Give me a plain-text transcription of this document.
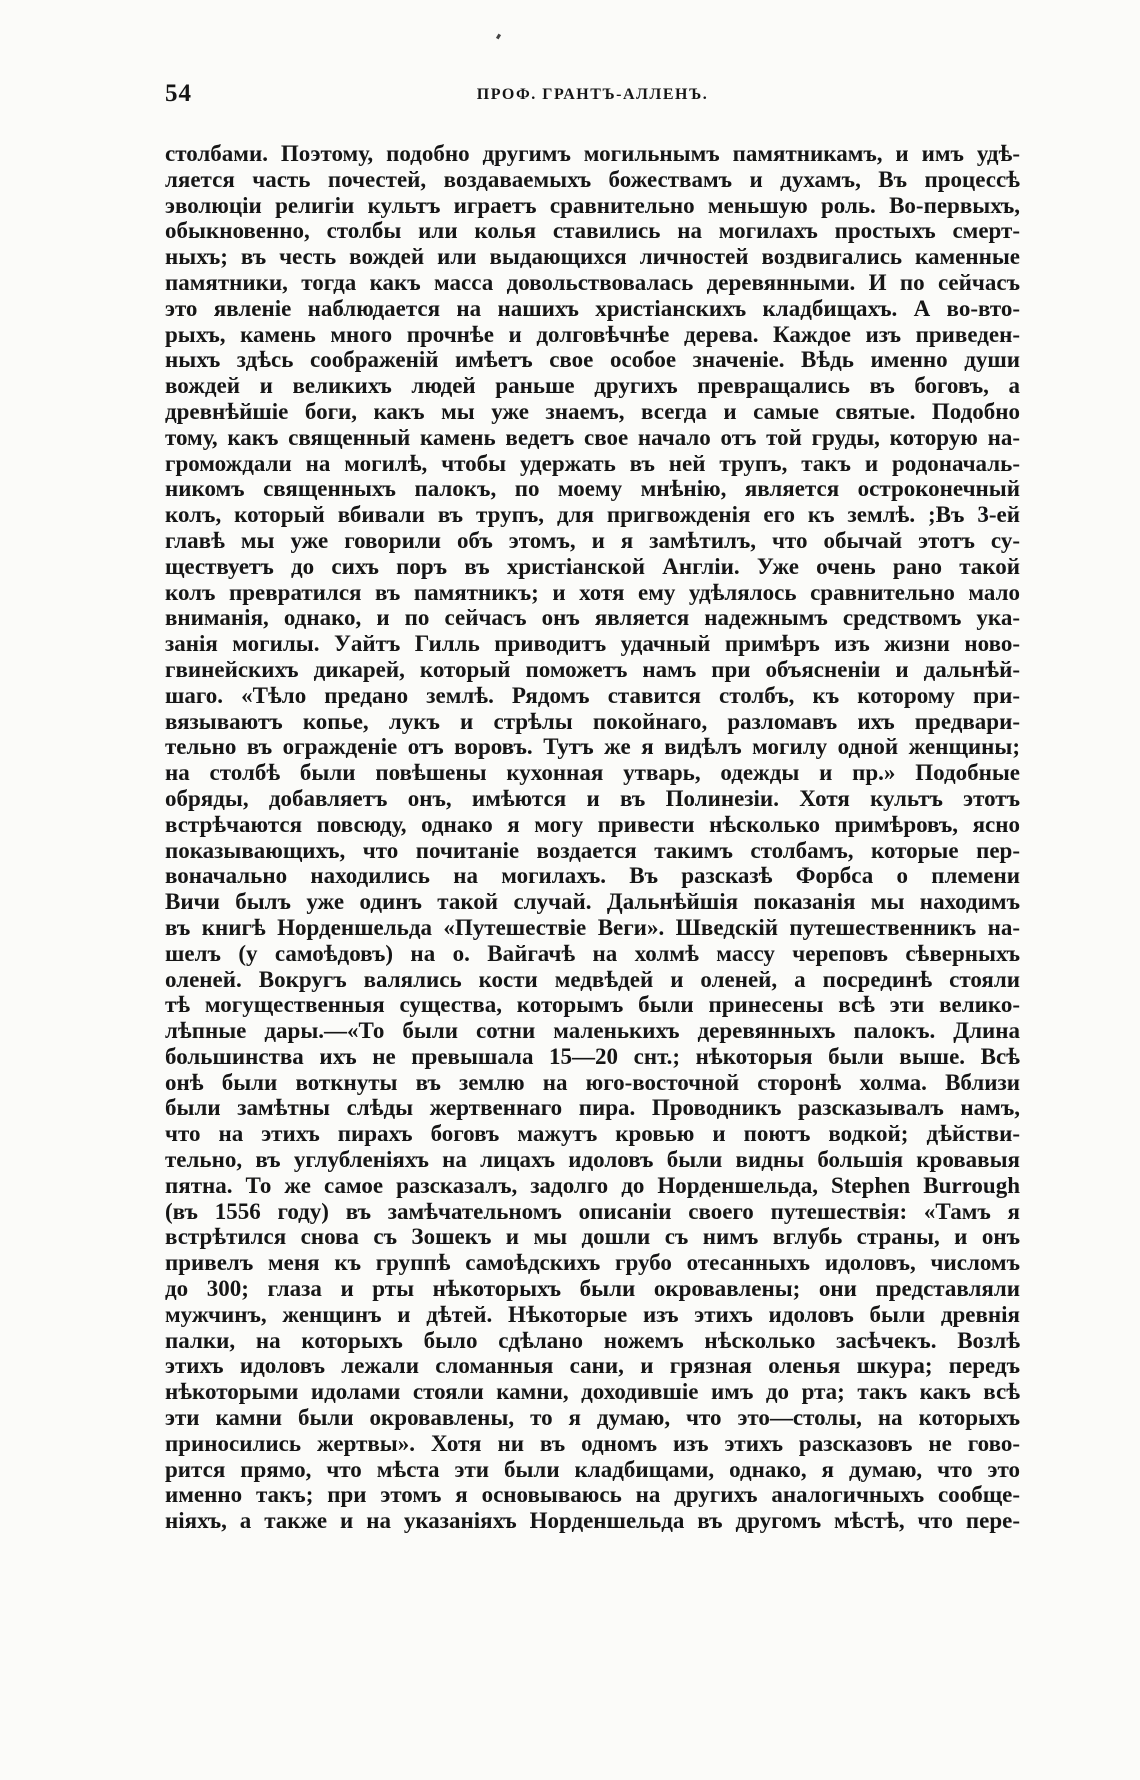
54	ПРОФ. ГРАНТЪ-АЛЛЕНЪ.
столбами. Поэтому, подобно другимъ могильнымъ памятникамъ, и имъ удѣ-
ляется часть почестей, воздаваемыхъ божествамъ и духамъ, Въ процессѣ
эволюціи религіи культъ играетъ сравнительно меньшую роль. Во-первыхъ,
обыкновенно, столбы или колья ставились на могилахъ простыхъ смерт-
ныхъ; въ честь вождей или выдающихся личностей воздвигались каменные
памятники, тогда какъ масса довольствовалась деревянными. И по сейчасъ
это явленіе наблюдается на нашихъ христіанскихъ кладбищахъ. А во-вто-
рыхъ, камень много прочнѣе и долговѣчнѣе дерева. Каждое изъ приведен-
ныхъ здѣсь соображеній имѣетъ свое особое значеніе. Вѣдь именно души
вождей и великихъ людей раньше другихъ превращались въ боговъ, а
древнѣйшіе боги, какъ мы уже знаемъ, всегда и самые святые. Подобно
тому, какъ священный камень ведетъ свое начало отъ той груды, которую на-
громождали на могилѣ, чтобы удержать въ ней трупъ, такъ и родоначаль-
никомъ священныхъ палокъ, по моему мнѣнію, является остроконечный
колъ, который вбивали въ трупъ, для пригвожденія его къ землѣ. ;Въ 3-ей
главѣ мы уже говорили объ этомъ, и я замѣтилъ, что обычай этотъ су-
ществуетъ до сихъ поръ въ христіанской Англіи. Уже очень рано такой
колъ превратился въ памятникъ; и хотя ему удѣлялось сравнительно мало
вниманія, однако, и по сейчасъ онъ является надежнымъ средствомъ ука-
занія могилы. Уайтъ Гилль приводитъ удачный примѣръ изъ жизни ново-
гвинейскихъ дикарей, который поможетъ намъ при объясненіи и дальнѣй-
шаго. «Тѣло предано землѣ. Рядомъ ставится столбъ, къ которому при-
вязываютъ копье, лукъ и стрѣлы покойнаго, разломавъ ихъ предвари-
тельно въ огражденіе отъ воровъ. Тутъ же я видѣлъ могилу одной женщины;
на столбѣ были повѣшены кухонная утварь, одежды и пр.» Подобные
обряды, добавляетъ онъ, имѣются и въ Полинезіи. Хотя культъ этотъ
встрѣчаются повсюду, однако я могу привести нѣсколько примѣровъ, ясно
показывающихъ, что почитаніе воздается такимъ столбамъ, которые пер-
воначально находились на могилахъ. Въ разсказѣ Форбса о племени
Вичи былъ уже одинъ такой случай. Дальнѣйшія показанія мы находимъ
въ книгѣ Норденшельда «Путешествіе Веги». Шведскій путешественникъ на-
шелъ (у самоѣдовъ) на о. Вайгачѣ на холмѣ массу череповъ сѣверныхъ
оленей. Вокругъ валялись кости медвѣдей и оленей, а посрединѣ стояли
тѣ могущественныя существа, которымъ были принесены всѣ эти велико-
лѣпные дары.—«То были сотни маленькихъ деревянныхъ палокъ. Длина
большинства ихъ не превышала 15—20 снт.; нѣкоторыя были выше. Всѣ
онѣ были воткнуты въ землю на юго-восточной сторонѣ холма. Вблизи
были замѣтны слѣды жертвеннаго пира. Проводникъ разсказывалъ намъ,
что на этихъ пирахъ боговъ мажутъ кровью и поютъ водкой; дѣйстви-
тельно, въ углубленіяхъ на лицахъ идоловъ были видны большія кровавыя
пятна. То же самое разсказалъ, задолго до Норденшельда, Stephen Burrough
(въ 1556 году) въ замѣчательномъ описаніи своего путешествія: «Тамъ я
встрѣтился снова съ Зошекъ и мы дошли съ нимъ вглубь страны, и онъ
привелъ меня къ группѣ самоѣдскихъ грубо отесанныхъ идоловъ, числомъ
до 300; глаза и рты нѣкоторыхъ были окровавлены; они представляли
мужчинъ, женщинъ и дѣтей. Нѣкоторые изъ этихъ идоловъ были древнія
палки, на которыхъ было сдѣлано ножемъ нѣсколько засѣчекъ. Возлѣ
этихъ идоловъ лежали сломанныя сани, и грязная оленья шкура; передъ
нѣкоторыми идолами стояли камни, доходившіе имъ до рта; такъ какъ всѣ
эти камни были окровавлены, то я думаю, что это—столы, на которыхъ
приносились жертвы». Хотя ни въ одномъ изъ этихъ разсказовъ не гово-
рится прямо, что мѣста эти были кладбищами, однако, я думаю, что это
именно такъ; при этомъ я основываюсь на другихъ аналогичныхъ сообще-
ніяхъ, а также и на указаніяхъ Норденшельда въ другомъ мѣстѣ, что пере-
